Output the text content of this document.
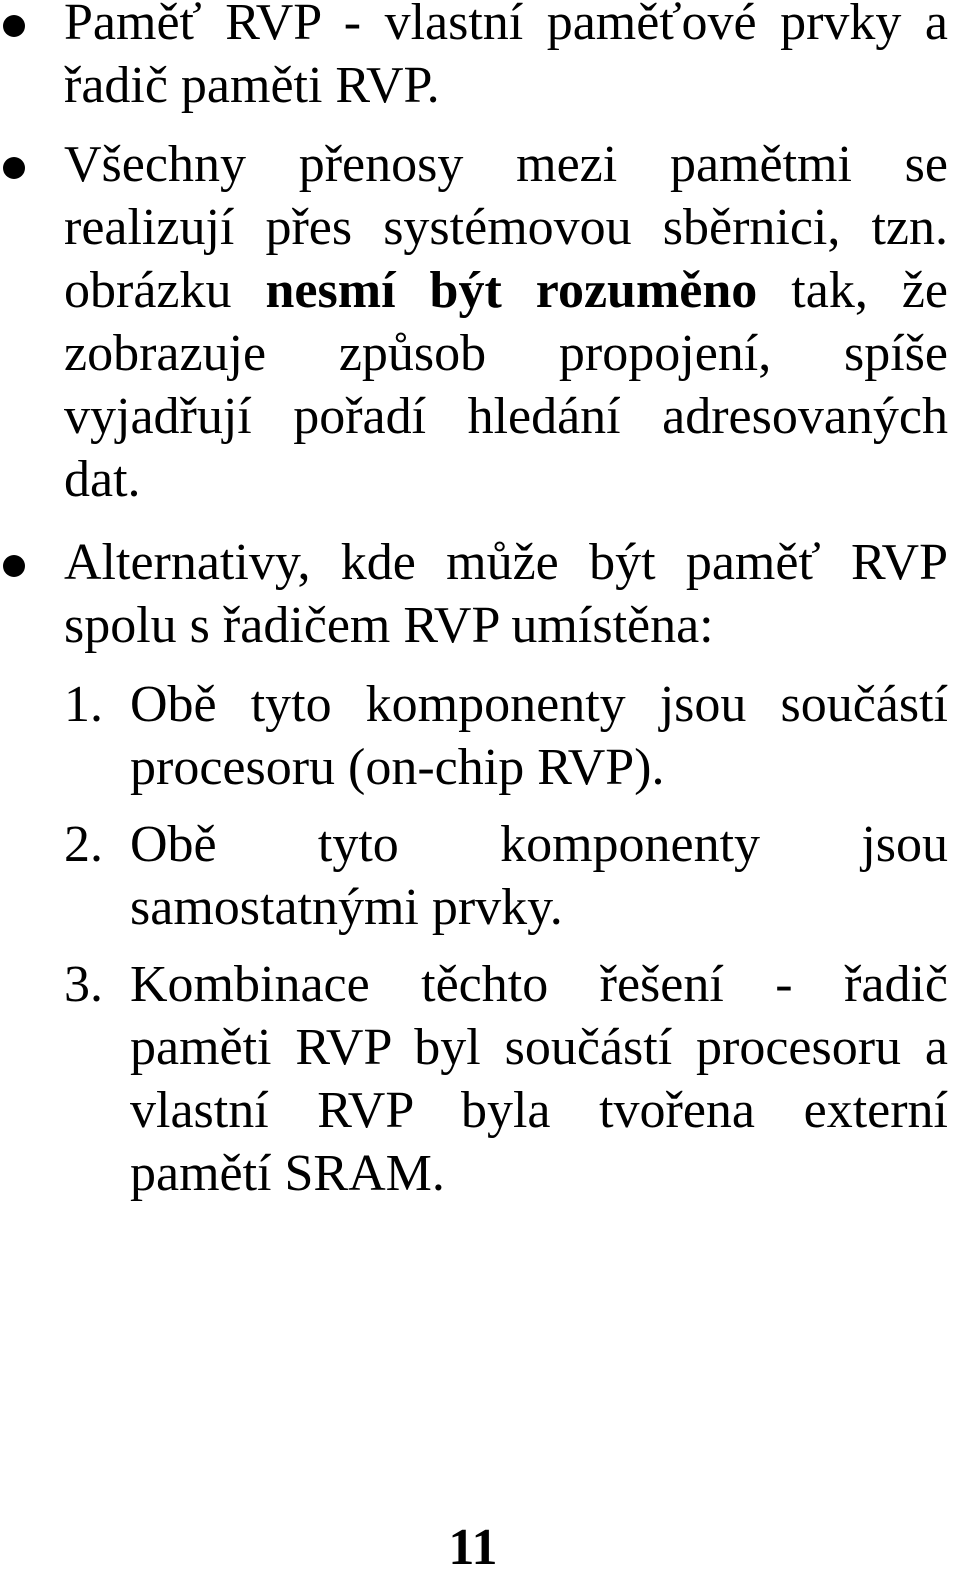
Paměť RVP - vlastní paměťové prvky a řadič paměti RVP.
Všechny přenosy mezi pamětmi se realizují přes systémovou sběrnici, tzn. obrázku nesmí být rozuměno tak, že zobrazuje způsob propojení, spíše vyjadřují pořadí hledání adresovaných dat.
Alternativy, kde může být paměť RVP spolu s řadičem RVP umístěna:
1. Obě tyto komponenty jsou součástí procesoru (on-chip RVP).
2. Obě tyto komponenty jsou samostatnými prvky.
3. Kombinace těchto řešení - řadič paměti RVP byl součástí procesoru a vlastní RVP byla tvořena externí pamětí SRAM.
11
